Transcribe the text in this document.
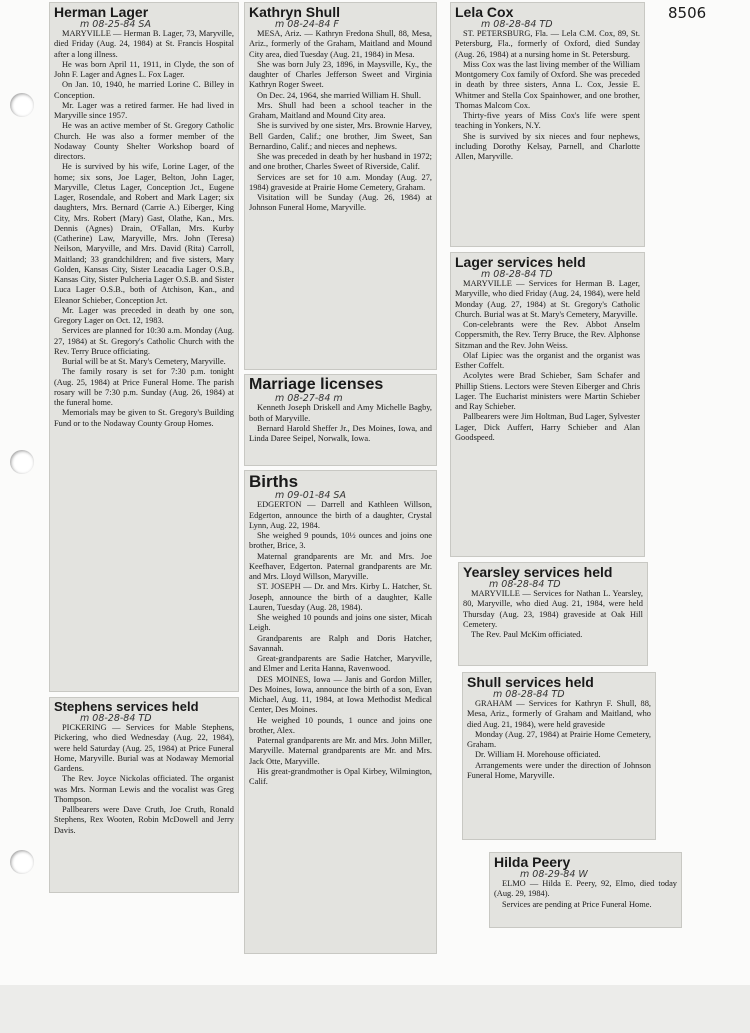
8506
Herman Lager
m 08-25-84 SA

MARYVILLE — Herman B. Lager, 73, Maryville, died Friday (Aug. 24, 1984) at St. Francis Hospital after a long illness.

He was born April 11, 1911, in Clyde, the son of John F. Lager and Agnes L. Fox Lager.

On Jan. 10, 1940, he married Lorine C. Billey in Conception.

Mr. Lager was a retired farmer. He had lived in Maryville since 1957.

He was an active member of St. Gregory Catholic Church. He was also a former member of the Nodaway County Shelter Workshop board of directors.

He is survived by his wife, Lorine Lager, of the home; six sons, Joe Lager, Belton, John Lager, Maryville, Cletus Lager, Conception Jct., Eugene Lager, Rosendale, and Robert and Mark Lager; six daughters, Mrs. Bernard (Carrie A.) Eiberger, King City, Mrs. Robert (Mary) Gast, Olathe, Kan., Mrs. Dennis (Agnes) Drain, O'Fallan, Mrs. Kurby (Catherine) Law, Maryville, Mrs. John (Teresa) Neilson, Maryville, and Mrs. David (Rita) Carroll, Maitland; 33 grandchildren; and five sisters, Mary Golden, Kansas City, Sister Leacadia Lager O.S.B., Kansas City, Sister Pulcheria Lager O.S.B. and Sister Luca Lager O.S.B., both of Atchison, Kan., and Eleanor Schieber, Conception Jct.

Mr. Lager was preceded in death by one son, Gregory Lager on Oct. 12, 1983.

Services are planned for 10:30 a.m. Monday (Aug. 27, 1984) at St. Gregory's Catholic Church with the Rev. Terry Bruce officiating.

Burial will be at St. Mary's Cemetery, Maryville.

The family rosary is set for 7:30 p.m. tonight (Aug. 25, 1984) at Price Funeral Home. The parish rosary will be 7:30 p.m. Sunday (Aug. 26, 1984) at the funeral home.

Memorials may be given to St. Gregory's Building Fund or to the Nodaway County Group Homes.

Stephens services held
m 08-28-84 TD

PICKERING — Services for Mable Stephens, Pickering, who died Wednesday (Aug. 22, 1984), were held Saturday (Aug. 25, 1984) at Price Funeral Home, Maryville. Burial was at Nodaway Memorial Gardens.

The Rev. Joyce Nickolas officiated. The organist was Mrs. Norman Lewis and the vocalist was Greg Thompson.

Pallbearers were Dave Cruth, Joe Cruth, Ronald Stephens, Rex Wooten, Robin McDowell and Jerry Davis.

Kathryn Shull
m 08-24-84 F

MESA, Ariz. — Kathryn Fredona Shull, 88, Mesa, Ariz., formerly of the Graham, Maitland and Mound City area, died Tuesday (Aug. 21, 1984) in Mesa.

She was born July 23, 1896, in Maysville, Ky., the daughter of Charles Jefferson Sweet and Virginia Kathryn Roger Sweet.

On Dec. 24, 1964, she married William H. Shull.

Mrs. Shull had been a school teacher in the Graham, Maitland and Mound City area.

She is survived by one sister, Mrs. Brownie Harvey, Bell Garden, Calif.; one brother, Jim Sweet, San Bernardino, Calif.; and nieces and nephews.

She was preceded in death by her husband in 1972; and one brother, Charles Sweet of Riverside, Calif.

Services are set for 10 a.m. Monday (Aug. 27, 1984) graveside at Prairie Home Cemetery, Graham.

Visitation will be Sunday (Aug. 26, 1984) at Johnson Funeral Home, Maryville.

Marriage licenses
m 08-27-84 m

Kenneth Joseph Driskell and Amy Michelle Bagby, both of Maryville.

Bernard Harold Sheffer Jr., Des Moines, Iowa, and Linda Daree Seipel, Norwalk, Iowa.

Births
m 09-01-84 SA

EDGERTON — Darrell and Kathleen Willson, Edgerton, announce the birth of a daughter, Crystal Lynn, Aug. 22, 1984.

She weighed 9 pounds, 10½ ounces and joins one brother, Brice, 3.

Maternal grandparents are Mr. and Mrs. Joe Keefhaver, Edgerton. Paternal grandparents are Mr. and Mrs. Lloyd Willson, Maryville.

ST. JOSEPH — Dr. and Mrs. Kirby L. Hatcher, St. Joseph, announce the birth of a daughter, Kalle Lauren, Tuesday (Aug. 28, 1984).

She weighed 10 pounds and joins one sister, Micah Leigh.

Grandparents are Ralph and Doris Hatcher, Savannah.

Great-grandparents are Sadie Hatcher, Maryville, and Elmer and Lerita Hanna, Ravenwood.

DES MOINES, Iowa — Janis and Gordon Miller, Des Moines, Iowa, announce the birth of a son, Evan Michael, Aug. 11, 1984, at Iowa Methodist Medical Center, Des Moines.

He weighed 10 pounds, 1 ounce and joins one brother, Alex.

Paternal grandparents are Mr. and Mrs. John Miller, Maryville. Maternal grandparents are Mr. and Mrs. Jack Otte, Maryville.

His great-grandmother is Opal Kirbey, Wilmington, Calif.

Lela Cox
m 08-28-84 TD

ST. PETERSBURG, Fla. — Lela C.M. Cox, 89, St. Petersburg, Fla., formerly of Oxford, died Sunday (Aug. 26, 1984) at a nursing home in St. Petersburg.

Miss Cox was the last living member of the William Montgomery Cox family of Oxford. She was preceded in death by three sisters, Anna L. Cox, Jessie E. Whitmer and Stella Cox Spainhower, and one brother, Thomas Malcom Cox.

Thirty-five years of Miss Cox's life were spent teaching in Yonkers, N.Y.

She is survived by six nieces and four nephews, including Dorothy Kelsay, Parnell, and Charlotte Allen, Maryville.

Lager services held
m 08-28-84 TD

MARYVILLE — Services for Herman B. Lager, Maryville, who died Friday (Aug. 24, 1984), were held Monday (Aug. 27, 1984) at St. Gregory's Catholic Church. Burial was at St. Mary's Cemetery, Maryville.

Con-celebrants were the Rev. Abbot Anselm Coppersmith, the Rev. Terry Bruce, the Rev. Alphonse Sitzman and the Rev. John Weiss.

Olaf Lipiec was the organist and the organist was Esther Coffelt.

Acolytes were Brad Schieber, Sam Schafer and Phillip Stiens. Lectors were Steven Eiberger and Chris Lager. The Eucharist ministers were Martin Schieber and Ray Schieber.

Pallbearers were Jim Holtman, Bud Lager, Sylvester Lager, Dick Auffert, Harry Schieber and Alan Goodspeed.

Yearsley services held
m 08-28-84 TD

MARYVILLE — Services for Nathan L. Yearsley, 80, Maryville, who died Aug. 21, 1984, were held Thursday (Aug. 23, 1984) graveside at Oak Hill Cemetery.

The Rev. Paul McKim officiated.

Shull services held
m 08-28-84 TD

GRAHAM — Services for Kathryn F. Shull, 88, Mesa, Ariz., formerly of Graham and Maitland, who died Aug. 21, 1984), were held graveside

Monday (Aug. 27, 1984) at Prairie Home Cemetery, Graham.

Dr. William H. Morehouse officiated.

Arrangements were under the direction of Johnson Funeral Home, Maryville.

Hilda Peery
m 08-29-84 W

ELMO — Hilda E. Peery, 92, Elmo, died today (Aug. 29, 1984).

Services are pending at Price Funeral Home.
